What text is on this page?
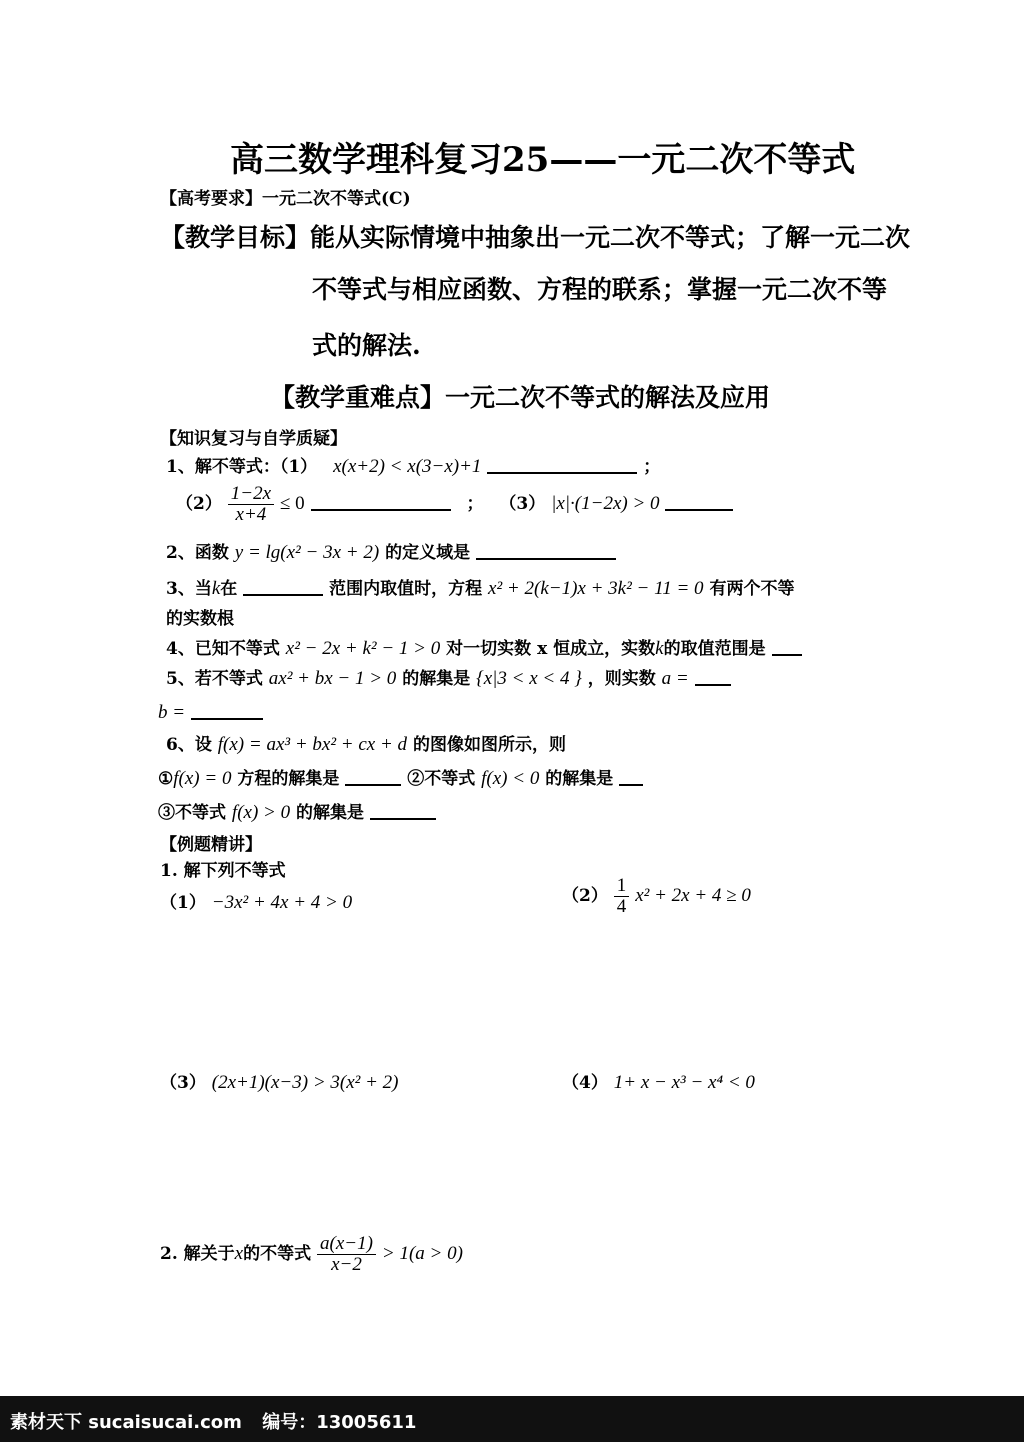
高三数学理科复习25——一元二次不等式
【高考要求】一元二次不等式(C)
【教学目标】能从实际情境中抽象出一元二次不等式；了解一元二次
不等式与相应函数、方程的联系；掌握一元二次不等
式的解法.
【教学重难点】一元二次不等式的解法及应用
【知识复习与自学质疑】
1、解不等式：（1） x(x+2) < x(3−x)+1	；
$(2) \frac{1-2x}{x+4} \le 0$	； （3） |x|·(1−2x) > 0
2、函数 y = lg(x² − 3x + 2) 的定义域是
3、当k在	范围内取值时，方程 x² + 2(k−1)x + 3k² − 11 = 0 有两个不等
的实数根
4、已知不等式 x² − 2x + k² − 1 > 0 对一切实数 x 恒成立，实数k的取值范围是
5、若不等式 ax² + bx − 1 > 0 的解集是 {x|3 < x < 4 } ，则实数 a =
b =
6、设 f(x) = ax³ + bx² + cx + d 的图像如图所示，则
①f(x) = 0 方程的解集是	②不等式 f(x) < 0 的解集是
③不等式 f(x) > 0 的解集是
【例题精讲】
1. 解下列不等式
（1） −3x² + 4x + 4 > 0	$(2) \frac{1}{4} x^2 + 2x + 4 \ge 0$
（3） (2x+1)(x−3) > 3(x² + 2)	（4） 1+ x − x³ − x⁴ < 0
2. 解关于x的不等式 $\frac{a(x-1)}{x-2} > 1(a > 0)$
素材天下 sucaisucai.com 编号：13005611
